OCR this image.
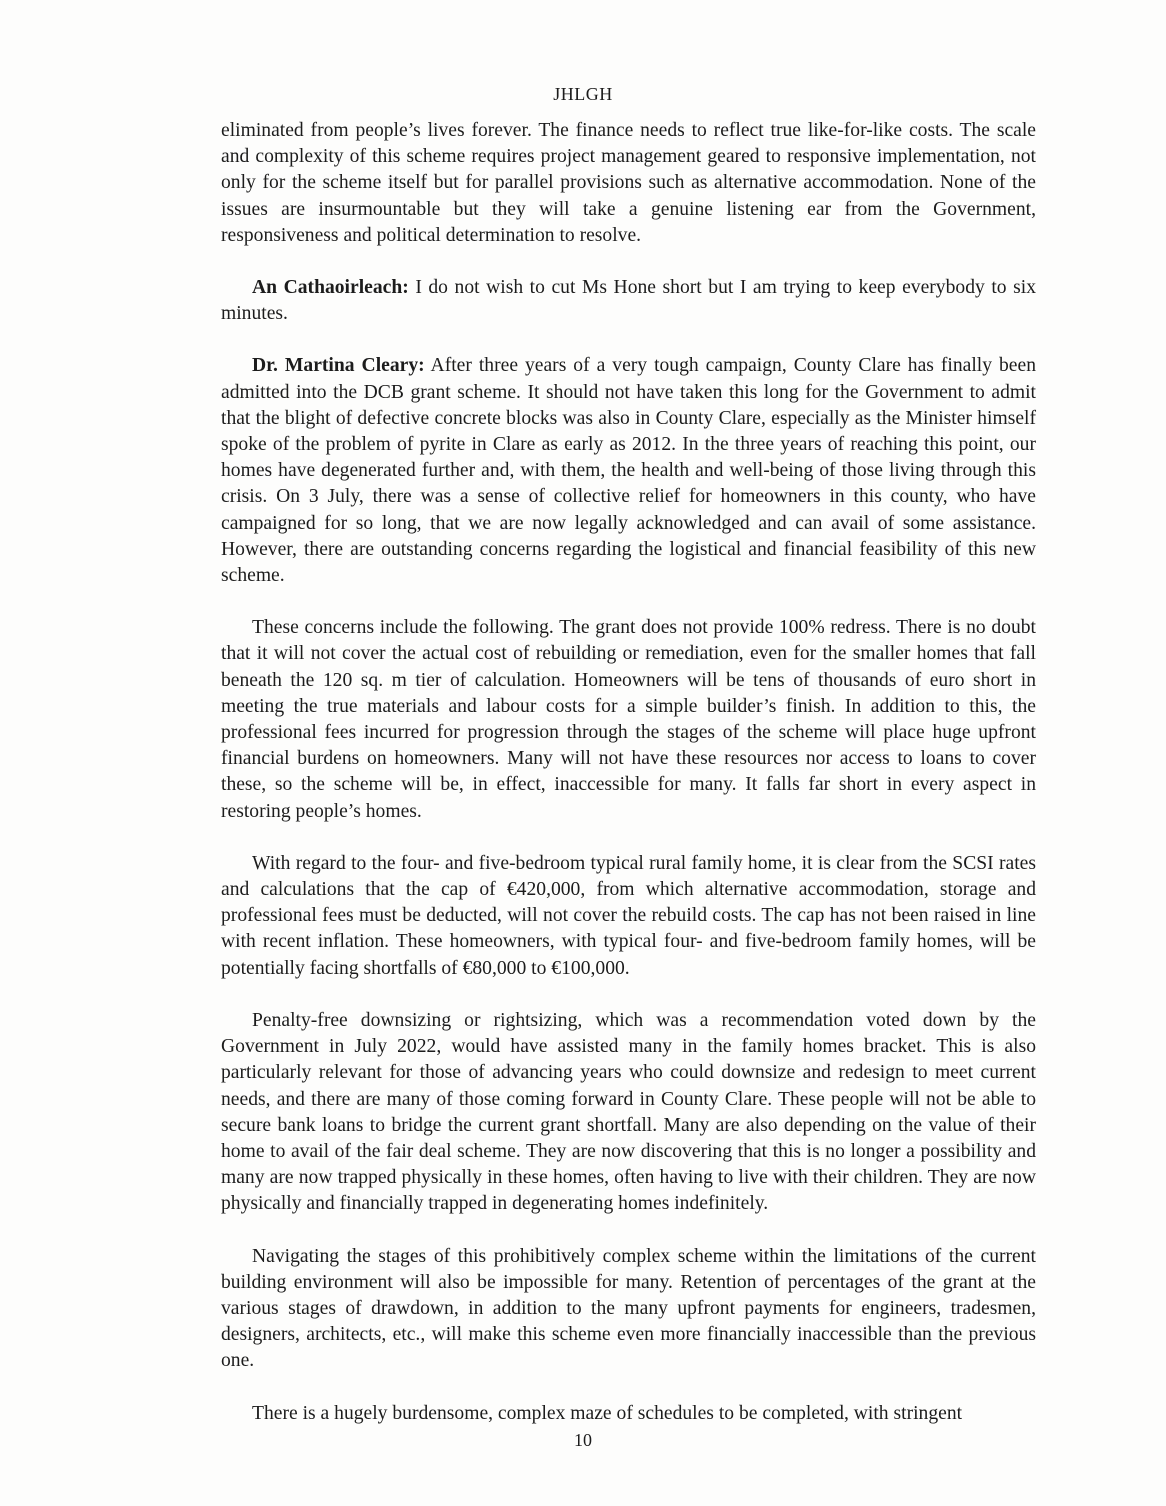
JHLGH

eliminated from people’s lives forever. The finance needs to reflect true like-for-like costs. The scale and complexity of this scheme requires project management geared to responsive implementation, not only for the scheme itself but for parallel provisions such as alternative accommodation. None of the issues are insurmountable but they will take a genuine listening ear from the Government, responsiveness and political determination to resolve.

An Cathaoirleach: I do not wish to cut Ms Hone short but I am trying to keep everybody to six minutes.

Dr. Martina Cleary: After three years of a very tough campaign, County Clare has finally been admitted into the DCB grant scheme. It should not have taken this long for the Government to admit that the blight of defective concrete blocks was also in County Clare, especially as the Minister himself spoke of the problem of pyrite in Clare as early as 2012. In the three years of reaching this point, our homes have degenerated further and, with them, the health and well-being of those living through this crisis. On 3 July, there was a sense of collective relief for homeowners in this county, who have campaigned for so long, that we are now legally acknowledged and can avail of some assistance. However, there are outstanding concerns regarding the logistical and financial feasibility of this new scheme.

These concerns include the following. The grant does not provide 100% redress. There is no doubt that it will not cover the actual cost of rebuilding or remediation, even for the smaller homes that fall beneath the 120 sq. m tier of calculation. Homeowners will be tens of thousands of euro short in meeting the true materials and labour costs for a simple builder’s finish. In addition to this, the professional fees incurred for progression through the stages of the scheme will place huge upfront financial burdens on homeowners. Many will not have these resources nor access to loans to cover these, so the scheme will be, in effect, inaccessible for many. It falls far short in every aspect in restoring people’s homes.

With regard to the four- and five-bedroom typical rural family home, it is clear from the SCSI rates and calculations that the cap of €420,000, from which alternative accommodation, storage and professional fees must be deducted, will not cover the rebuild costs. The cap has not been raised in line with recent inflation. These homeowners, with typical four- and five-bedroom family homes, will be potentially facing shortfalls of €80,000 to €100,000.

Penalty-free downsizing or rightsizing, which was a recommendation voted down by the Government in July 2022, would have assisted many in the family homes bracket. This is also particularly relevant for those of advancing years who could downsize and redesign to meet current needs, and there are many of those coming forward in County Clare. These people will not be able to secure bank loans to bridge the current grant shortfall. Many are also depending on the value of their home to avail of the fair deal scheme. They are now discovering that this is no longer a possibility and many are now trapped physically in these homes, often having to live with their children. They are now physically and financially trapped in degenerating homes indefinitely.

Navigating the stages of this prohibitively complex scheme within the limitations of the current building environment will also be impossible for many. Retention of percentages of the grant at the various stages of drawdown, in addition to the many upfront payments for engineers, tradesmen, designers, architects, etc., will make this scheme even more financially inaccessible than the previous one.

There is a hugely burdensome, complex maze of schedules to be completed, with stringent

10
